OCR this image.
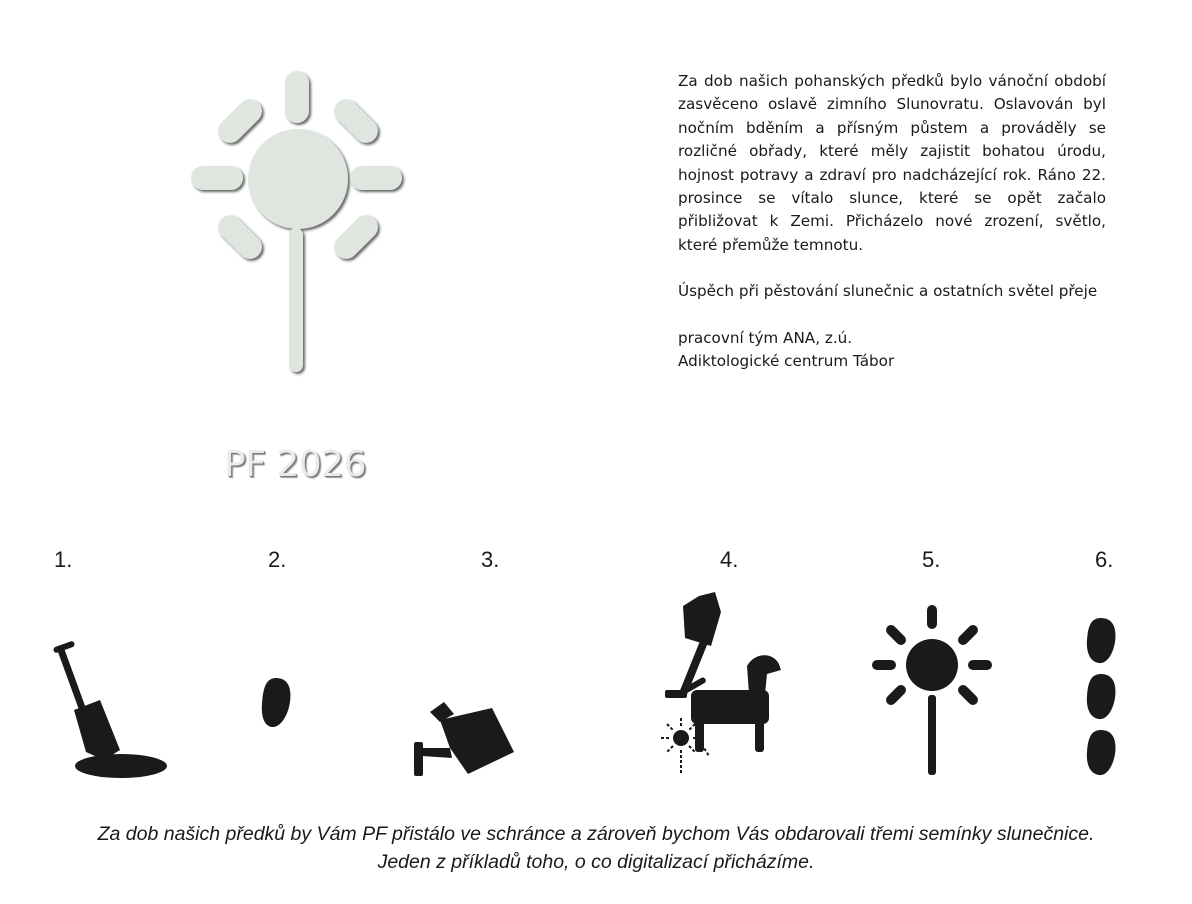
PF 2026

Za dob našich pohanských předků bylo vánoční období zasvěceno oslavě zimního Slunovratu. Oslavován byl nočním bděním a přísným půstem a prováděly se rozličné obřady, které měly zajistit bohatou úrodu, hojnost potravy a zdraví pro nadcházející rok. Ráno 22. prosince se vítalo slunce, které se opět začalo přibližovat k Zemi. Přicházelo nové zrození, světlo, které přemůže temnotu.

Úspěch při pěstování slunečnic a ostatních světel přeje

pracovní tým ANA, z.ú.

Adiktologické centrum Tábor

1.	2.	3.	4.	5.	6.
Za dob našich předků by Vám PF přistálo ve schránce a zároveň bychom Vás obdarovali třemi semínky slunečnice.
Jeden z příkladů toho, o co digitalizací přicházíme.
